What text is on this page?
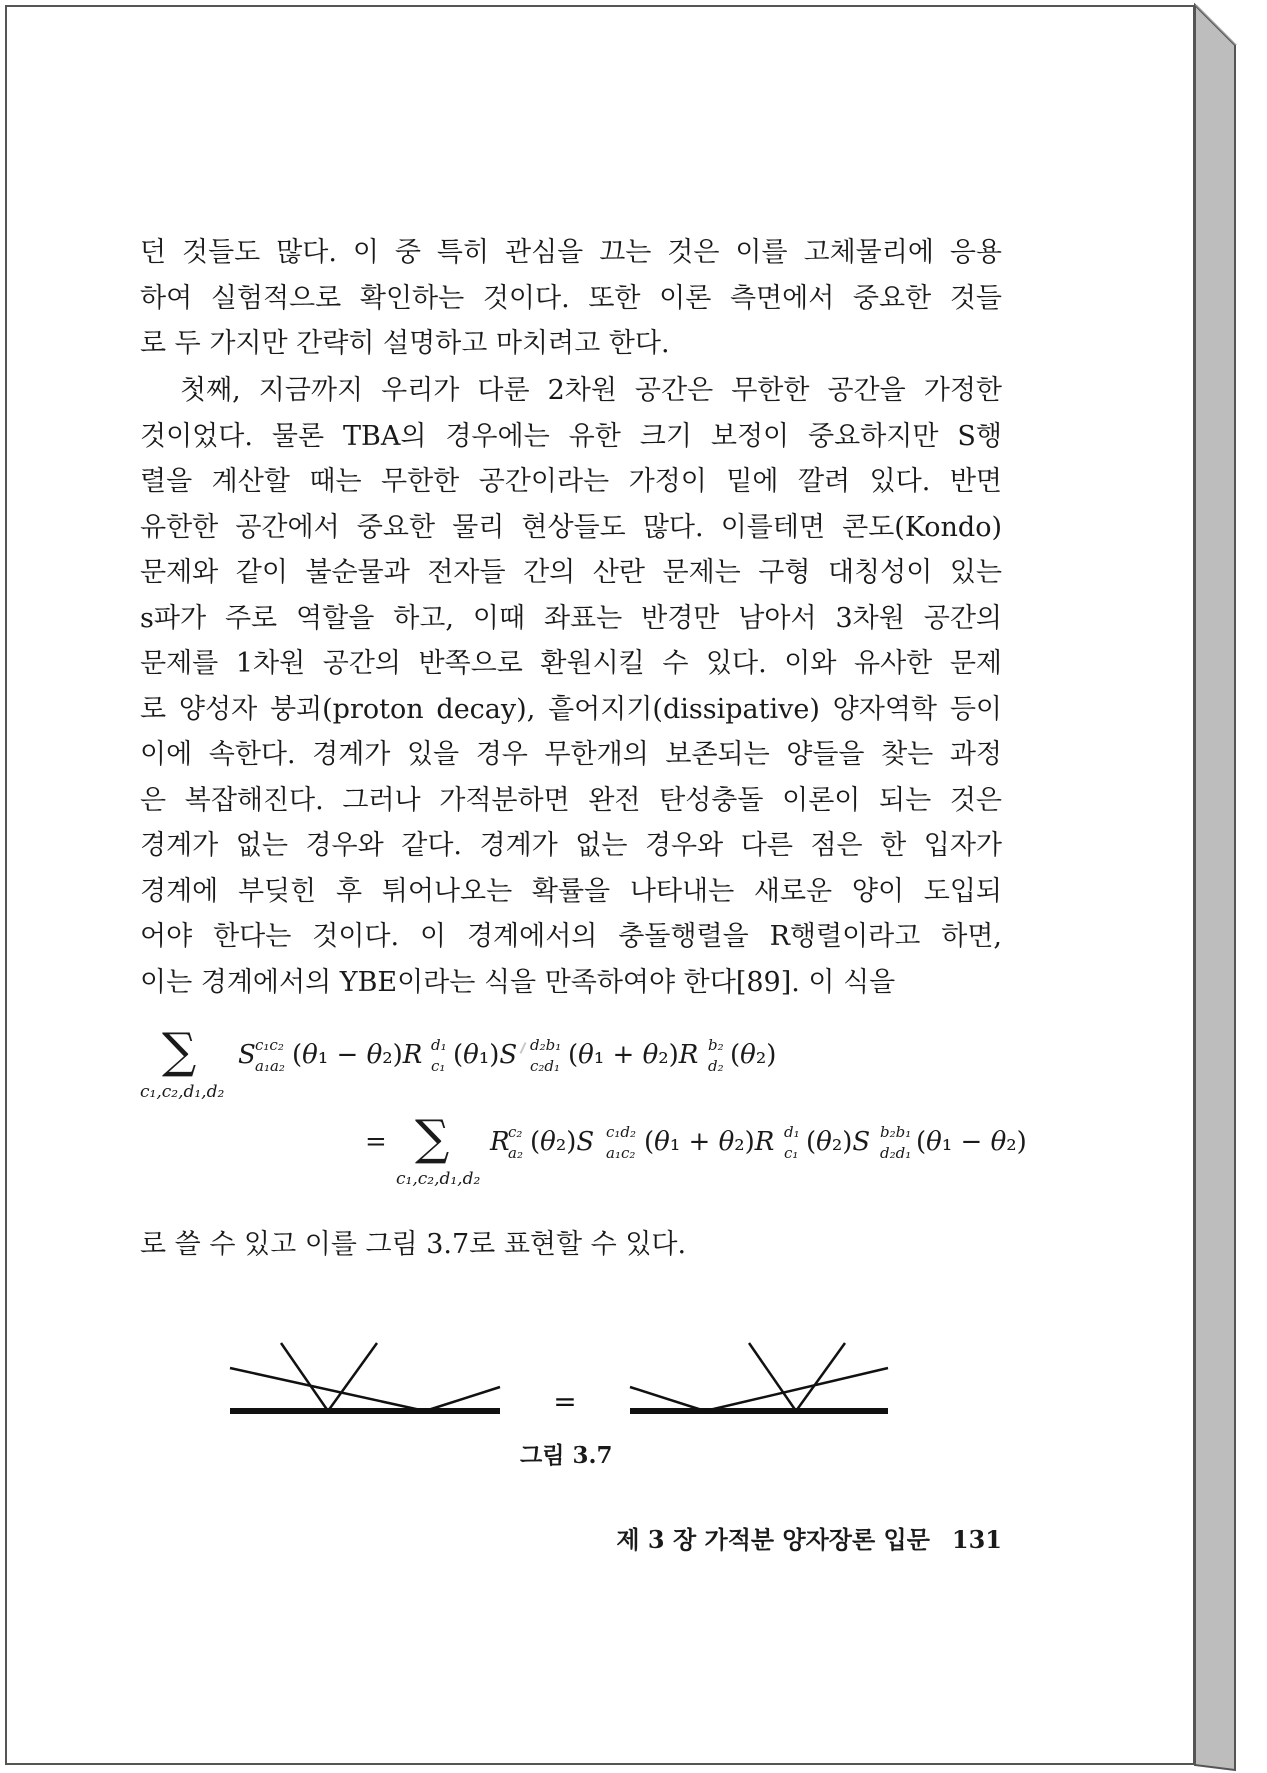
던 것들도 많다. 이 중 특히 관심을 끄는 것은 이를 고체물리에 응용
하여 실험적으로 확인하는 것이다. 또한 이론 측면에서 중요한 것들
로 두 가지만 간략히 설명하고 마치려고 한다.
첫째, 지금까지 우리가 다룬 2차원 공간은 무한한 공간을 가정한
것이었다. 물론 TBA의 경우에는 유한 크기 보정이 중요하지만 S행
렬을 계산할 때는 무한한 공간이라는 가정이 밑에 깔려 있다. 반면
유한한 공간에서 중요한 물리 현상들도 많다. 이를테면 콘도(Kondo)
문제와 같이 불순물과 전자들 간의 산란 문제는 구형 대칭성이 있는
s파가 주로 역할을 하고, 이때 좌표는 반경만 남아서 3차원 공간의
문제를 1차원 공간의 반쪽으로 환원시킬 수 있다. 이와 유사한 문제
로 양성자 붕괴(proton decay), 흩어지기(dissipative) 양자역학 등이
이에 속한다. 경계가 있을 경우 무한개의 보존되는 양들을 찾는 과정
은 복잡해진다. 그러나 가적분하면 완전 탄성충돌 이론이 되는 것은
경계가 없는 경우와 같다. 경계가 없는 경우와 다른 점은 한 입자가
경계에 부딪힌 후 튀어나오는 확률을 나타내는 새로운 양이 도입되
어야 한다는 것이다. 이 경계에서의 충돌행렬을 R행렬이라고 하면,
이는 경계에서의 YBE이라는 식을 만족하여야 한다[89]. 이 식을
∑
c₁,c₂,d₁,d₂
S c₁c₂
a₁a₂ (θ₁ − θ₂)R d₁
c₁ (θ₁)S d₂b₁
c₂d₁ (θ₁ + θ₂)R b₂
d₂ (θ₂)
= ∑
c₁,c₂,d₁,d₂
R
c₂
a₂ (θ₂)S c₁d₂
a₁c₂ (θ₁ + θ₂)R d₁
c₁ (θ₂)S b₂b₁
d₂d₁ (θ₁ − θ₂)
로 쓸 수 있고 이를 그림 3.7로 표현할 수 있다.
=
그림 3.7
제 3 장 가적분 양자장론 입문 131
